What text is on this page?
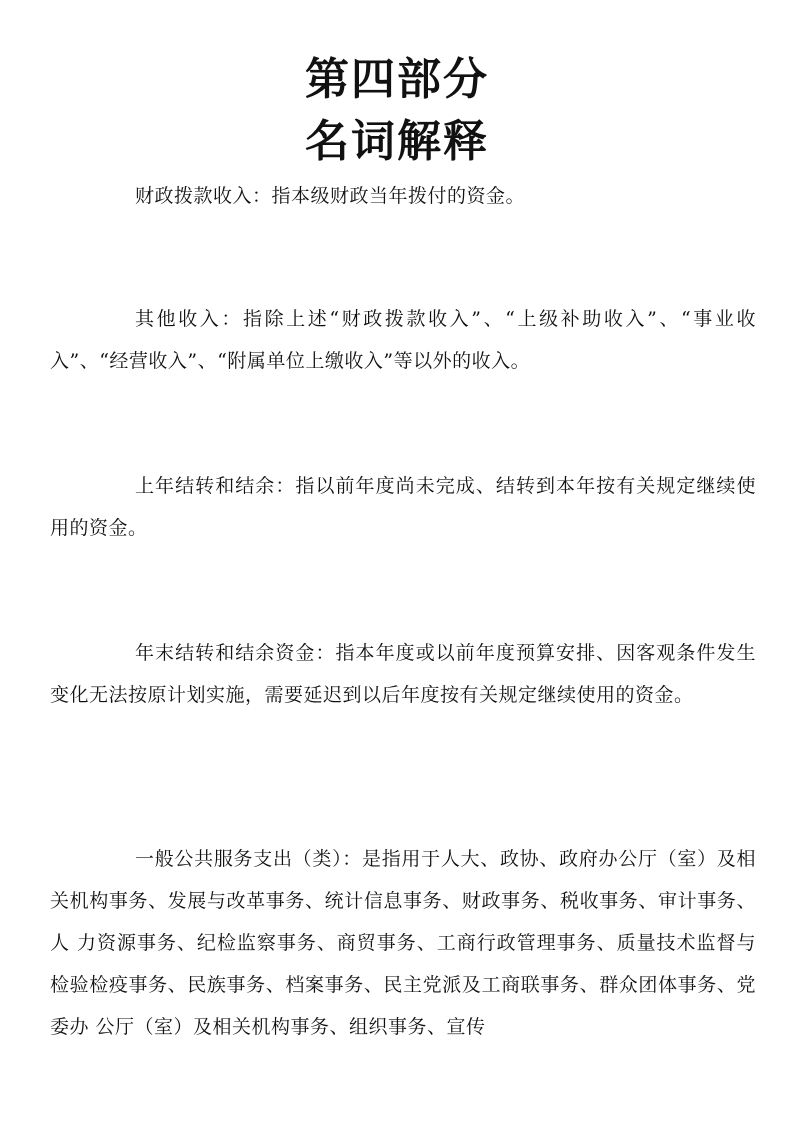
第四部分
名词解释

财政拨款收入：指本级财政当年拨付的资金。

其他收入：指除上述“财政拨款收入”、“上级补助收入”、“事业收入”、“经营收入”、“附属单位上缴收入”等以外的收入。

上年结转和结余：指以前年度尚未完成、结转到本年按有关规定继续使用的资金。

年末结转和结余资金：指本年度或以前年度预算安排、因客观条件发生变化无法按原计划实施，需要延迟到以后年度按有关规定继续使用的资金。

一般公共服务支出（类）：是指用于人大、政协、政府办公厅（室）及相关机构事务、发展与改革事务、统计信息事务、财政事务、税收事务、审计事务、人 力资源事务、纪检监察事务、商贸事务、工商行政管理事务、质量技术监督与检验检疫事务、民族事务、档案事务、民主党派及工商联事务、群众团体事务、党委办 公厅（室）及相关机构事务、组织事务、宣传
